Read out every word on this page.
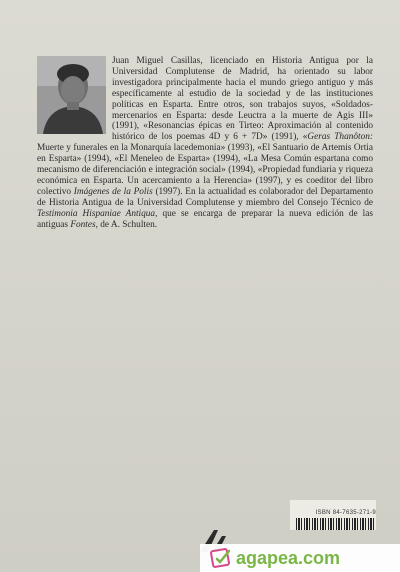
Juan Miguel Casillas, licenciado en Historia Antigua por la Universidad Complutense de Madrid, ha orientado su labor investigadora principalmente hacia el mundo griego antiguo y más específicamente al estudio de la sociedad y de las instituciones políticas en Esparta. Entre otros, son trabajos suyos, «Soldados-mercenarios en Esparta: desde Leuctra a la muerte de Agis III» (1991), «Resonancias épicas en Tirteo: Aproximación al contenido histórico de los poemas 4D y 6 + 7D» (1991), «Geras Thanôton: Muerte y funerales en la Monarquía lacedemonia» (1993), «El Santuario de Artemis Ortia en Esparta» (1994), «El Meneleo de Esparta» (1994), «La Mesa Común espartana como mecanismo de diferenciación e integración social» (1994), «Propiedad fundiaria y riqueza económica en Esparta. Un acercamiento a la Herencia» (1997), y es coeditor del libro colectivo Imágenes de la Polis (1997). En la actualidad es colaborador del Departamento de Historia Antigua de la Universidad Complutense y miembro del Consejo Técnico de Testimonia Hispaniae Antiqua, que se encarga de preparar la nueva edición de las antiguas Fontes, de A. Schulten.

ISBN 84-7635-271-9
agapea.com
